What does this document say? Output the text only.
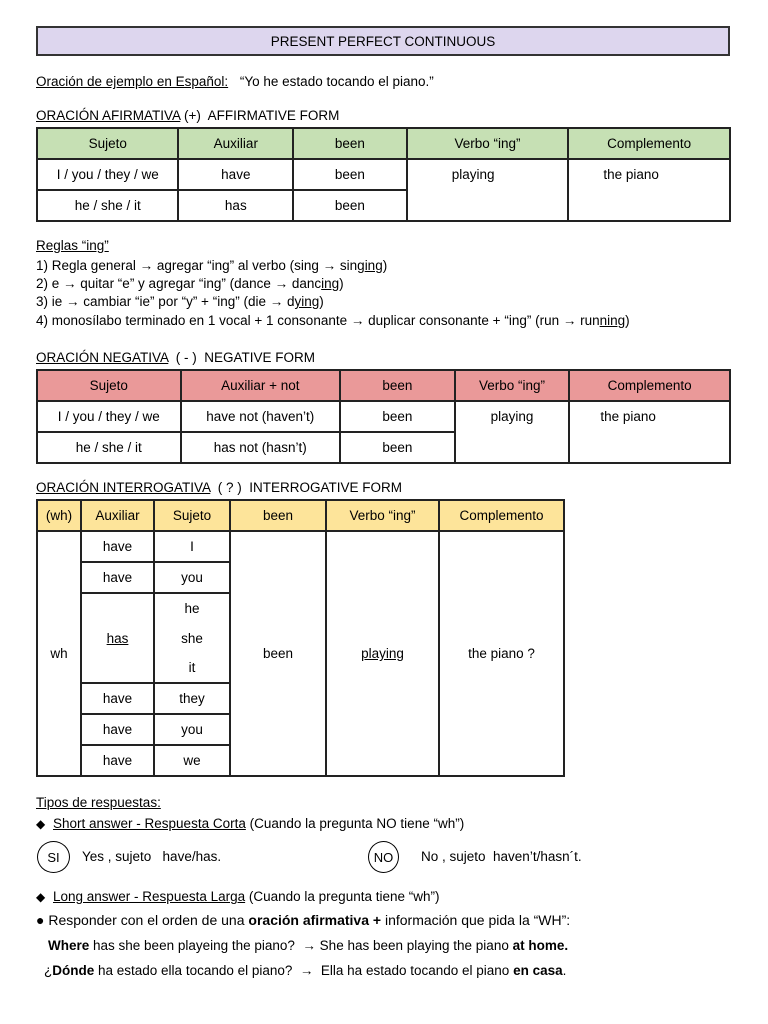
PRESENT PERFECT CONTINUOUS
Oración de ejemplo en Español: “Yo he estado tocando el piano.”
ORACIÓN AFIRMATIVA (+)  AFFIRMATIVE FORM
Sujeto	Auxiliar	been	Verbo “ing”	Complemento
I / you / they / we	have	been	playing	the piano
he / she / it	has	been		
Reglas “ing”
1) Regla general → agregar “ing” al verbo (sing → singing)
2) e → quitar “e” y agregar “ing” (dance → dancing)
3) ie → cambiar “ie” por “y” + “ing” (die → dying)
4) monosílabo terminado en 1 vocal + 1 consonante → duplicar consonante + “ing” (run → running)
ORACIÓN NEGATIVA  ( - )  NEGATIVE FORM
Sujeto	Auxiliar + not	been	Verbo “ing”	Complemento
I / you / they / we	have not (haven’t)	been	playing	the piano
he / she / it	has not (hasn’t)	been		
ORACIÓN INTERROGATIVA  ( ? )  INTERROGATIVE FORM
(wh)	Auxiliar	Sujeto	been	Verbo “ing”	Complemento
wh	have	I	been	playing	the piano ?
	have	you			
	has	he			
		she			
		it			
	have	they			
	have	you			
	have	we			
Tipos de respuestas:
◆ Short answer - Respuesta Corta (Cuando la pregunta NO tiene “wh”)
SI Yes , sujeto   have/has.	NO No , sujeto  haven’t/hasn´t.
◆ Long answer - Respuesta Larga (Cuando la pregunta tiene “wh”)
● Responder con el orden de una oración afirmativa + información que pida la “WH”:
Where has she been playeing the piano?  → She has been playing the piano at home.
¿Dónde ha estado ella tocando el piano?  →  Ella ha estado tocando el piano en casa.
